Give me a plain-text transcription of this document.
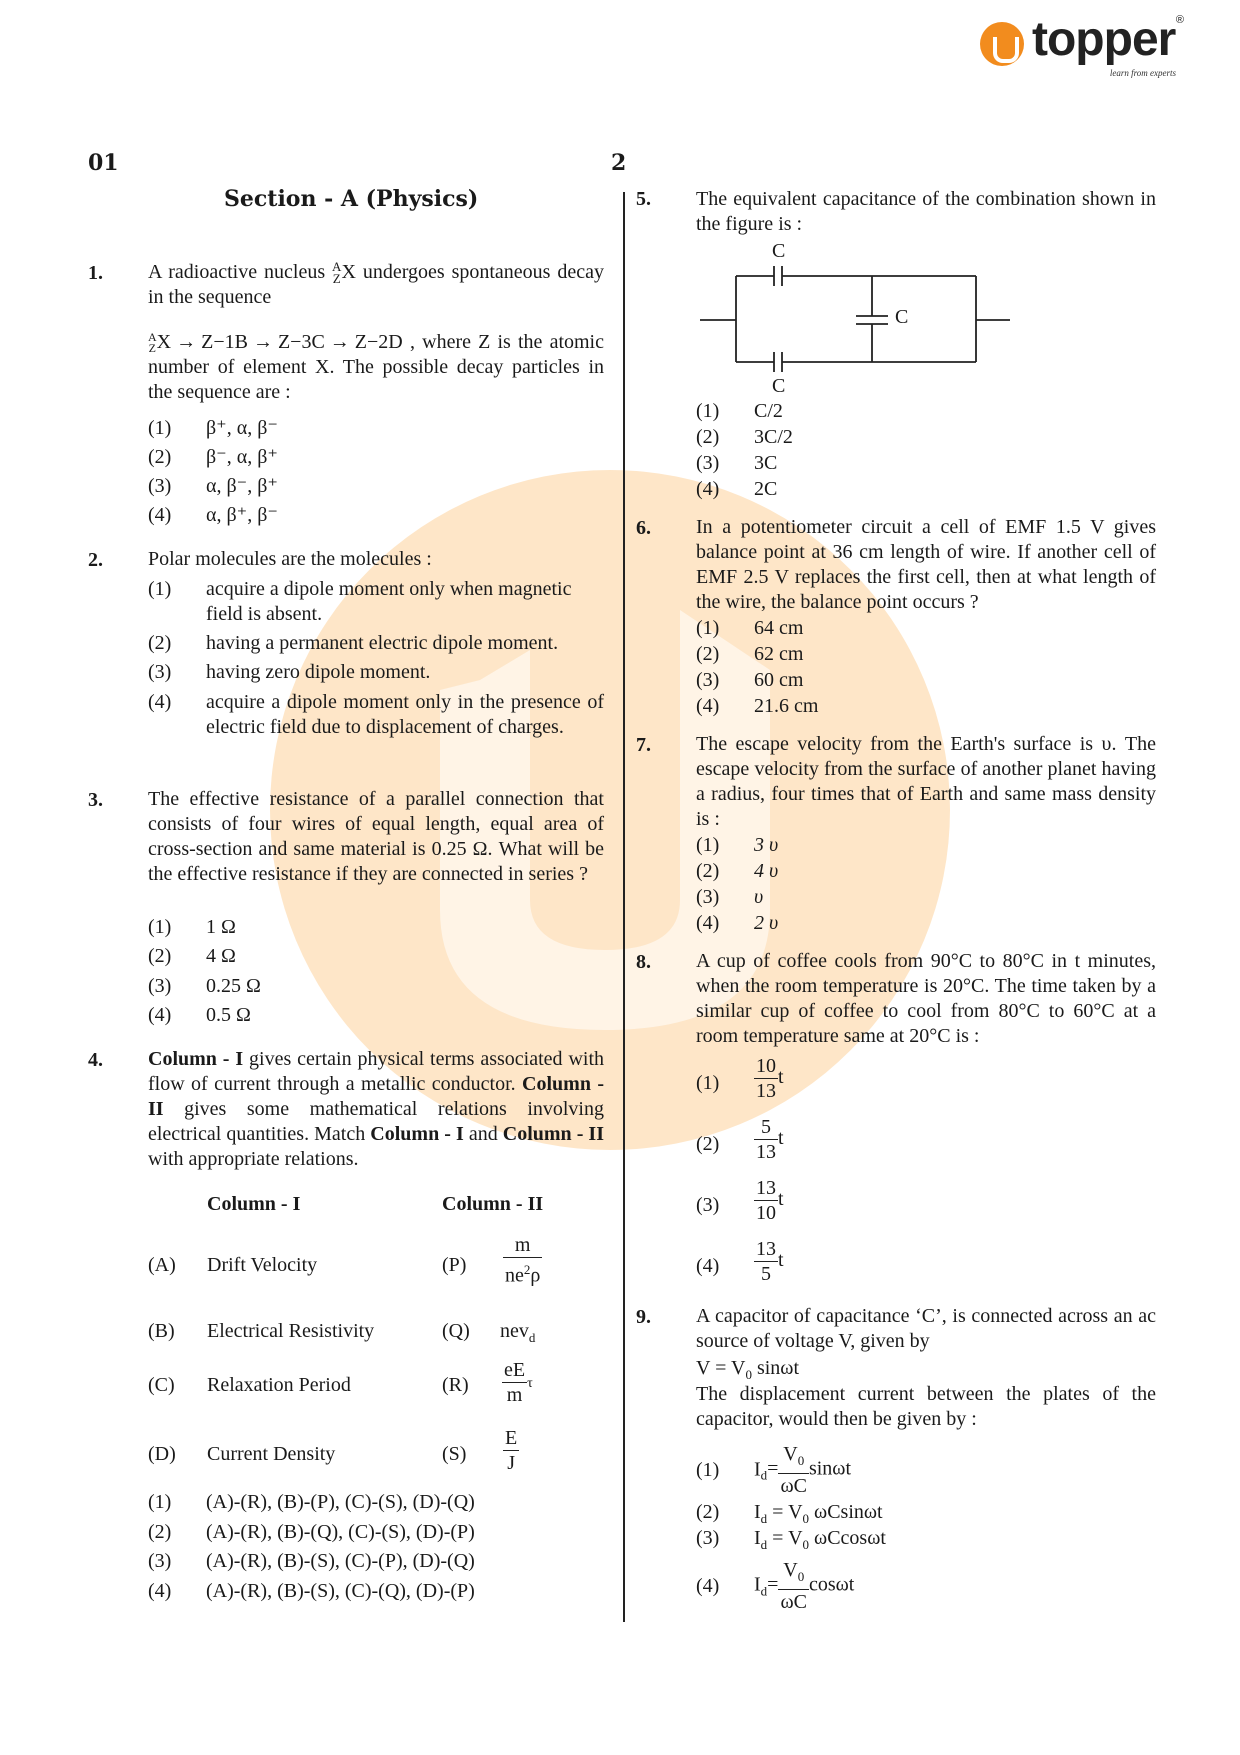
topper ®
learn from experts
01	2
Section - A (Physics)
1. A radioactive nucleus A
Z X undergoes spontaneous decay in the sequence
A
Z X → Z−1B → Z−3C → Z−2D , where Z is the atomic number of element X. The possible decay particles in the sequence are :
(1) β⁺, α, β⁻
(2) β⁻, α, β⁺
(3) α, β⁻, β⁺
(4) α, β⁺, β⁻
2. Polar molecules are the molecules :
(1) acquire a dipole moment only when magnetic field is absent.
(2) having a permanent electric dipole moment.
(3) having zero dipole moment.
(4) acquire a dipole moment only in the presence of electric field due to displacement of charges.
3. The effective resistance of a parallel connection that consists of four wires of equal length, equal area of cross-section and same material is 0.25 Ω. What will be the effective resistance if they are connected in series ?
(1) 1 Ω
(2) 4 Ω
(3) 0.25 Ω
(4) 0.5 Ω
4. Column - I gives certain physical terms associated with flow of current through a metallic conductor. Column - II gives some mathematical relations involving electrical quantities. Match Column - I and Column - II with appropriate relations.
Column - I	Column - II
(A) Drift Velocity	$(P) \frac{m}{ne^2\rho}$
(B) Electrical Resistivity	(Q) nev$_d$
(C) Relaxation Period	$(R) \frac{eE}{m}$ τ
(D) Current Density	$(S) \frac{E}{J}$
(1) (A)-(R), (B)-(P), (C)-(S), (D)-(Q)
(2) (A)-(R), (B)-(Q), (C)-(S), (D)-(P)
(3) (A)-(R), (B)-(S), (C)-(P), (D)-(Q)
(4) (A)-(R), (B)-(S), (C)-(Q), (D)-(P)
5. The equivalent capacitance of the combination shown in the figure is :
C
C
C
(1) C/2
(2) 3C/2
(3) 3C
(4) 2C
6. In a potentiometer circuit a cell of EMF 1.5 V gives balance point at 36 cm length of wire. If another cell of EMF 2.5 V replaces the first cell, then at what length of the wire, the balance point occurs ?
(1) 64 cm
(2) 62 cm
(3) 60 cm
(4) 21.6 cm
7. The escape velocity from the Earth's surface is υ. The escape velocity from the surface of another planet having a radius, four times that of Earth and same mass density is :
(1) 3 υ
(2) 4 υ
(3) υ
(4) 2 υ
8. A cup of coffee cools from 90°C to 80°C in t minutes, when the room temperature is 20°C. The time taken by a similar cup of coffee to cool from 80°C to 60°C at a room temperature same at 20°C is :
$(1) \frac{10}{13}$ t
$(2) \frac{5}{13}$ t
$(3) \frac{13}{10}$ t
$(4) \frac{13}{5}$ t
9. A capacitor of capacitance ‘C’, is connected across an ac source of voltage V, given by
$V = V_0$ sinωt
The displacement current between the plates of the capacitor, would then be given by :
(1) $I_d= \frac{V_0}{\omega C}$ sinωt
(2) $I_d = V_0$ ωCsinωt
(3) $I_d = V_0$ ωCcosωt
(4) $I_d= \frac{V_0}{\omega C}$ cosωt
